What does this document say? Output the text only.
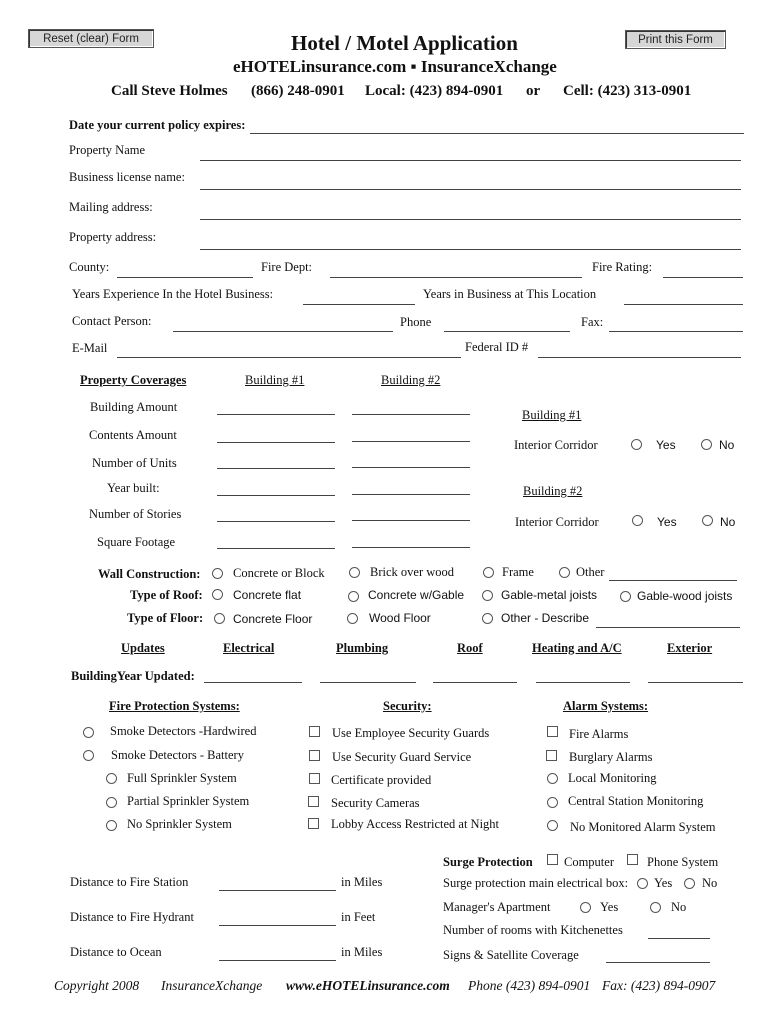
Reset (clear) Form	Print this Form
Hotel / Motel Application
eHOTELinsurance.com ▪ InsuranceXchange
Call Steve Holmes (866) 248-0901 Local: (423) 894-0901 or Cell: (423) 313-0901
Date your current policy expires:
Property Name
Business license name:
Mailing address:
Property address:
County:	Fire Dept:	Fire Rating:
Years Experience In the Hotel Business:	Years in Business at This Location
Contact Person:	Phone	Fax:
E-Mail	Federal ID #
Property Coverages	Building #1	Building #2
Building Amount
Contents Amount
Number of Units
Year built:
Number of Stories
Square Footage
Building #1
Interior Corridor	Yes	No
Building #2
Interior Corridor	Yes	No
Wall Construction:	Concrete or Block	Brick over wood	Frame	Other
Type of Roof:	Concrete flat	Concrete w/Gable	Gable-metal joists	Gable-wood joists
Type of Floor: Concrete Floor	Wood Floor	Other - Describe
Updates	Electrical	Plumbing	Roof	Heating and A/C	Exterior
BuildingYear Updated:
Fire Protection Systems:	Security:	Alarm Systems:
Smoke Detectors -Hardwired
Smoke Detectors - Battery
Full Sprinkler System
Partial Sprinkler System
No Sprinkler System
Use Employee Security Guards
Use Security Guard Service
Certificate provided
Security Cameras
Lobby Access Restricted at Night
Fire Alarms
Burglary Alarms
Local Monitoring
Central Station Monitoring
No Monitored Alarm System
Distance to Fire Station	in Miles
Distance to Fire Hydrant	in Feet
Distance to Ocean	in Miles
Surge Protection	Computer	Phone System
Surge protection main electrical box: Yes No
Manager's Apartment	Yes	No
Number of rooms with Kitchenettes
Signs & Satellite Coverage
Copyright 2008 InsuranceXchange www.eHOTELinsurance.com Phone (423) 894-0901 Fax: (423) 894-0907
